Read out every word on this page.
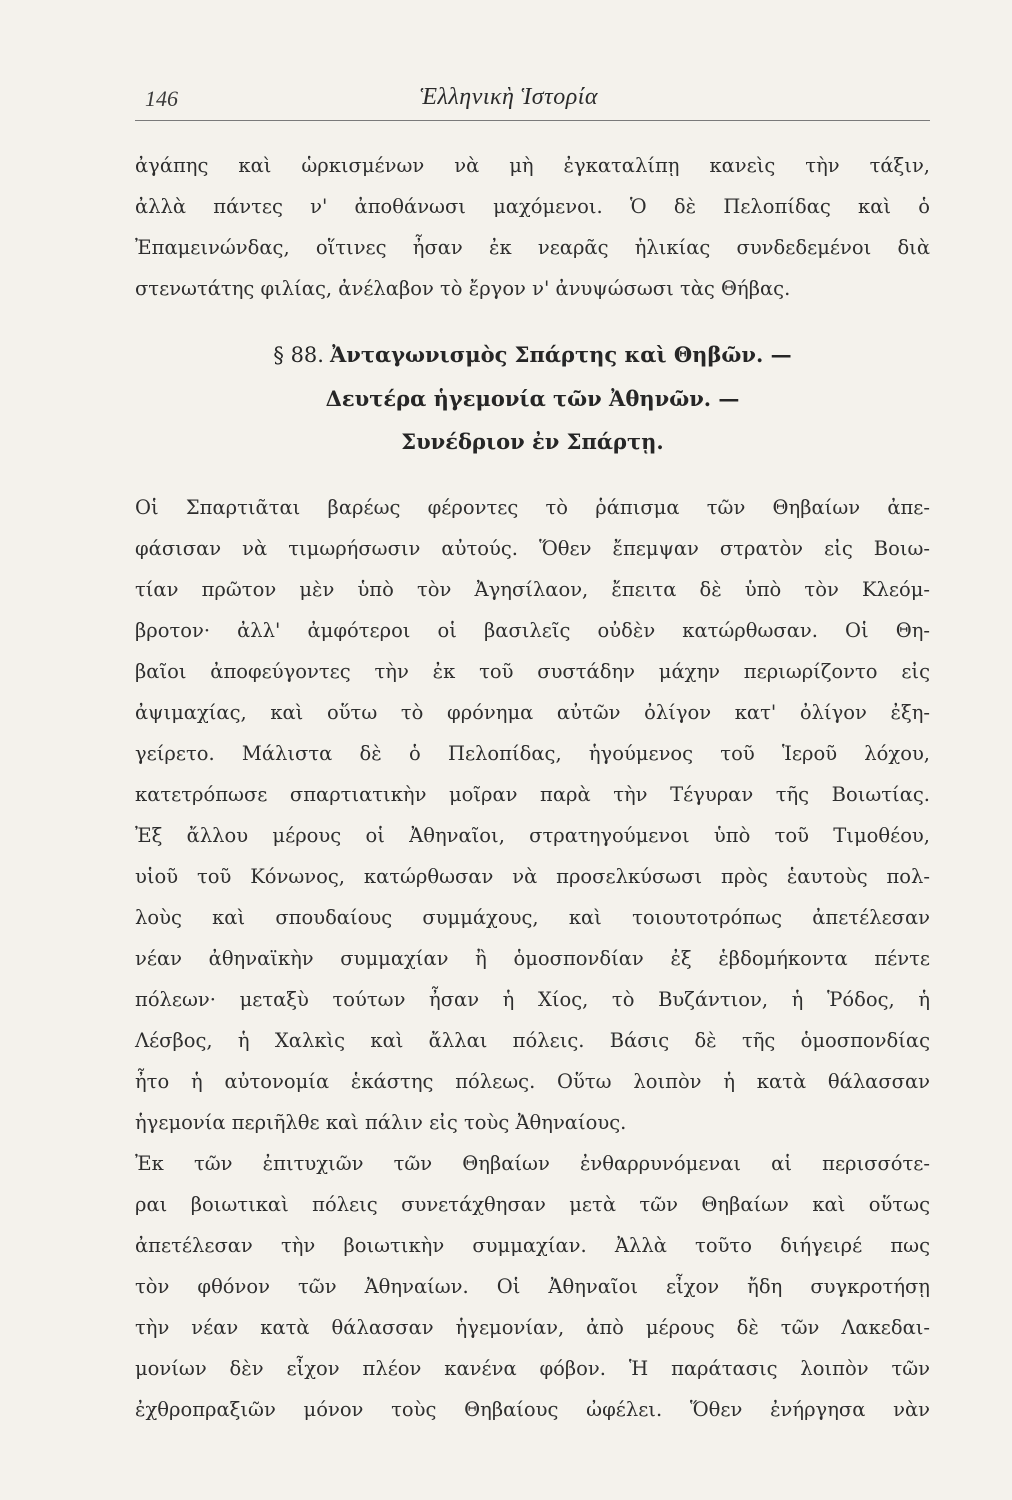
146	Ἑλληνικὴ Ἱστορία
ἀγάπης καὶ ὡρκισμένων νὰ μὴ ἐγκαταλίπῃ κανεὶς τὴν τάξιν,
ἀλλὰ πάντες ν' ἀποθάνωσι μαχόμενοι. Ὁ δὲ Πελοπίδας καὶ ὁ
Ἐπαμεινώνδας, οἵτινες ἦσαν ἐκ νεαρᾶς ἡλικίας συνδεδεμένοι διὰ
στενωτάτης φιλίας, ἀνέλαβον τὸ ἔργον ν' ἀνυψώσωσι τὰς Θήβας.
§ 88. Ἀνταγωνισμὸς Σπάρτης καὶ Θηβῶν. —
Δευτέρα ἡγεμονία τῶν Ἀθηνῶν. —
Συνέδριον ἐν Σπάρτῃ.
Οἱ Σπαρτιᾶται βαρέως φέροντες τὸ ῥάπισμα τῶν Θηβαίων ἀπε-
φάσισαν νὰ τιμωρήσωσιν αὐτούς. Ὅθεν ἔπεμψαν στρατὸν εἰς Βοιω-
τίαν πρῶτον μὲν ὑπὸ τὸν Ἀγησίλαον, ἔπειτα δὲ ὑπὸ τὸν Κλεόμ-
βροτον· ἀλλ' ἀμφότεροι οἱ βασιλεῖς οὐδὲν κατώρθωσαν. Οἱ Θη-
βαῖοι ἀποφεύγοντες τὴν ἐκ τοῦ συστάδην μάχην περιωρίζοντο εἰς
ἀψιμαχίας, καὶ οὕτω τὸ φρόνημα αὐτῶν ὀλίγον κατ' ὀλίγον ἐξη-
γείρετο. Μάλιστα δὲ ὁ Πελοπίδας, ἡγούμενος τοῦ Ἱεροῦ λόχου,
κατετρόπωσε σπαρτιατικὴν μοῖραν παρὰ τὴν Τέγυραν τῆς Βοιωτίας.
Ἐξ ἄλλου μέρους οἱ Ἀθηναῖοι, στρατηγούμενοι ὑπὸ τοῦ Τιμοθέου,
υἱοῦ τοῦ Κόνωνος, κατώρθωσαν νὰ προσελκύσωσι πρὸς ἑαυτοὺς πολ-
λοὺς καὶ σπουδαίους συμμάχους, καὶ τοιουτοτρόπως ἀπετέλεσαν
νέαν ἀθηναϊκὴν συμμαχίαν ἢ ὁμοσπονδίαν ἐξ ἑβδομήκοντα πέντε
πόλεων· μεταξὺ τούτων ἦσαν ἡ Χίος, τὸ Βυζάντιον, ἡ Ῥόδος, ἡ
Λέσβος, ἡ Χαλκὶς καὶ ἄλλαι πόλεις. Βάσις δὲ τῆς ὁμοσπονδίας
ἦτο ἡ αὐτονομία ἑκάστης πόλεως. Οὕτω λοιπὸν ἡ κατὰ θάλασσαν
ἡγεμονία περιῆλθε καὶ πάλιν εἰς τοὺς Ἀθηναίους.
Ἐκ τῶν ἐπιτυχιῶν τῶν Θηβαίων ἐνθαρρυνόμεναι αἱ περισσότε-
ραι βοιωτικαὶ πόλεις συνετάχθησαν μετὰ τῶν Θηβαίων καὶ οὕτως
ἀπετέλεσαν τὴν βοιωτικὴν συμμαχίαν. Ἀλλὰ τοῦτο διήγειρέ πως
τὸν φθόνον τῶν Ἀθηναίων. Οἱ Ἀθηναῖοι εἶχον ἤδη συγκροτήσῃ
τὴν νέαν κατὰ θάλασσαν ἡγεμονίαν, ἀπὸ μέρους δὲ τῶν Λακεδαι-
μονίων δὲν εἶχον πλέον κανένα φόβον. Ἡ παράτασις λοιπὸν τῶν
ἐχθροπραξιῶν μόνον τοὺς Θηβαίους ὠφέλει. Ὅθεν ἐνήργησα νὰν
